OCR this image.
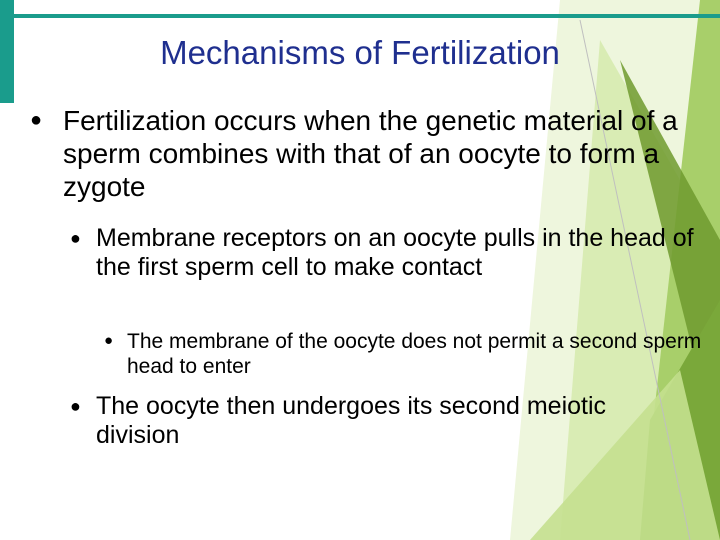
Mechanisms of Fertilization
● Fertilization occurs when the genetic material of a sperm combines with that of an oocyte to form a zygote

● Membrane receptors on an oocyte pulls in the head of the first sperm cell to make contact

● The membrane of the oocyte does not permit a second sperm head to enter

● The oocyte then undergoes its second meiotic division
